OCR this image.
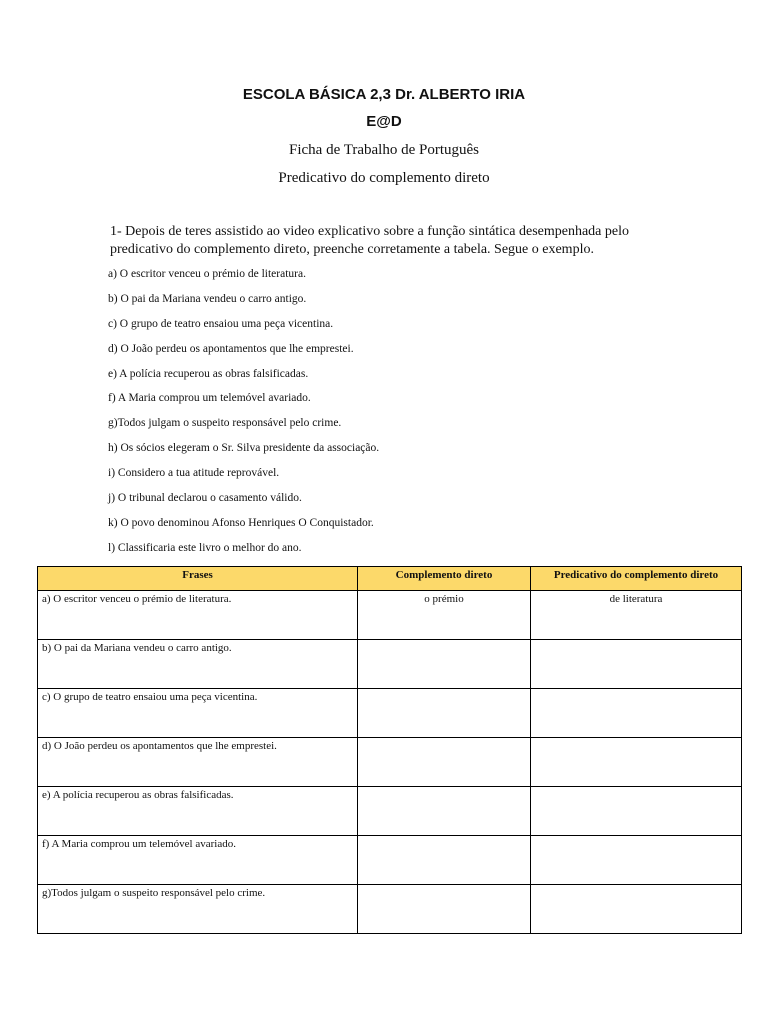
ESCOLA BÁSICA 2,3 Dr. ALBERTO IRIA
E@D
Ficha de Trabalho de Português
Predicativo do complemento direto
1- Depois de teres assistido ao video explicativo sobre a função sintática desempenhada pelo predicativo do complemento direto, preenche corretamente a tabela. Segue o exemplo.
a) O escritor venceu o prémio de literatura.
b) O pai da Mariana vendeu o carro antigo.
c) O grupo de teatro ensaiou uma peça vicentina.
d) O João perdeu os apontamentos que lhe emprestei.
e) A polícia recuperou as obras falsificadas.
f) A Maria comprou um telemóvel avariado.
g)Todos julgam o suspeito responsável pelo crime.
h) Os sócios elegeram o Sr. Silva presidente da associação.
i) Considero a tua atitude reprovável.
j) O tribunal declarou o casamento válido.
k) O povo denominou Afonso Henriques O Conquistador.
l) Classificaria este livro o melhor do ano.
Frases	Complemento direto	Predicativo do complemento direto
a) O escritor venceu o prémio de literatura.	o prémio	de literatura
b) O pai da Mariana vendeu o carro antigo.		
c) O grupo de teatro ensaiou uma peça vicentina.		
d) O João perdeu os apontamentos que lhe emprestei.		
e) A polícia recuperou as obras falsificadas.		
f) A Maria comprou um telemóvel avariado.		
g)Todos julgam o suspeito responsável pelo crime.		
